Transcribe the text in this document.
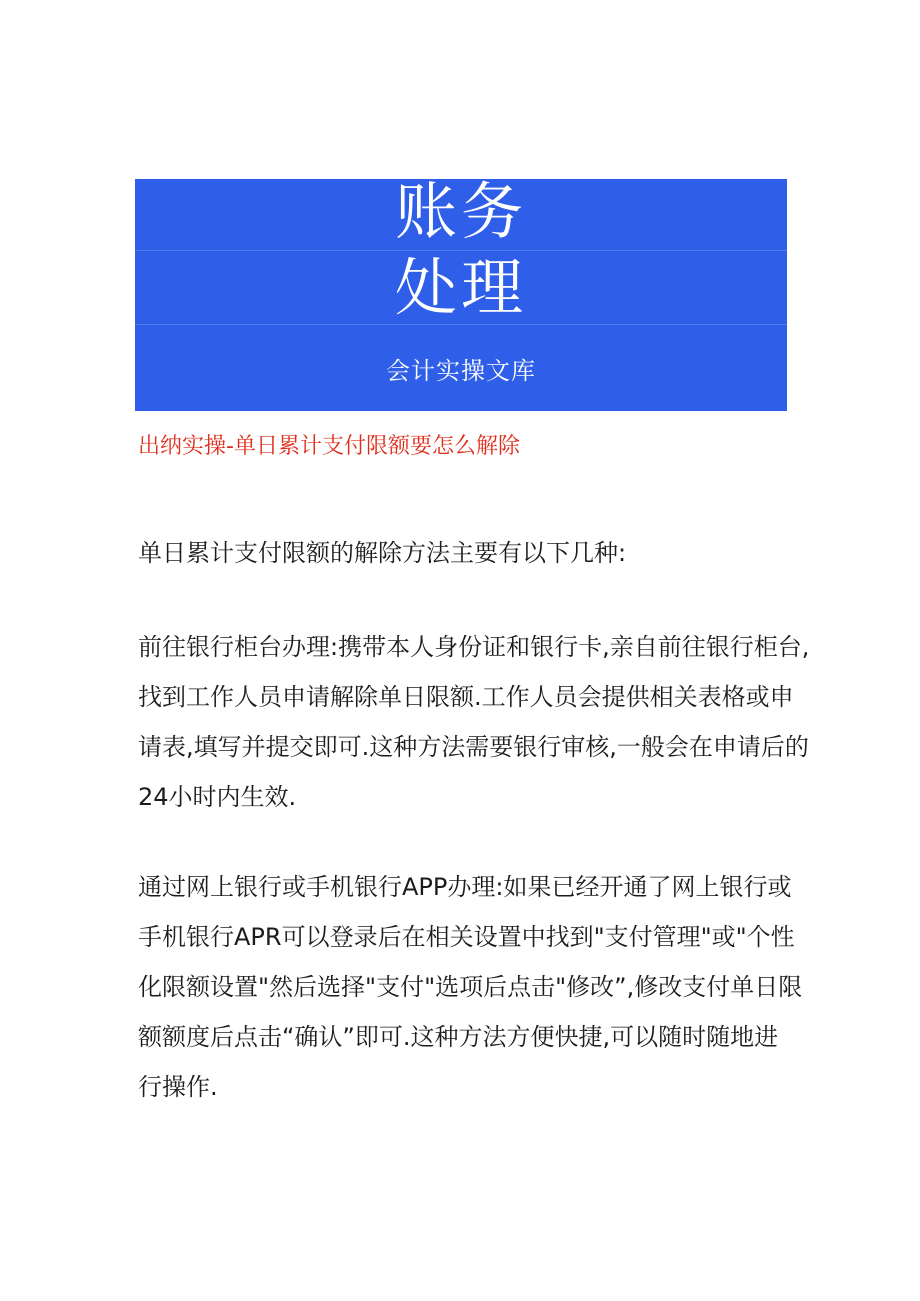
账务
处理
会计实操文库
出纳实操-单日累计支付限额要怎么解除

单日累计支付限额的解除方法主要有以下几种:

前往银行柜台办理:携带本人身份证和银行卡,亲自前往银行柜台,
找到工作人员申请解除单日限额.工作人员会提供相关表格或申
请表,填写并提交即可.这种方法需要银行审核,一般会在申请后的
24小时内生效.

通过网上银行或手机银行APP办理:如果已经开通了网上银行或
手机银行APR可以登录后在相关设置中找到"支付管理"或"个性
化限额设置"然后选择"支付"选项后点击"修改”,修改支付单日限
额额度后点击“确认”即可.这种方法方便快捷,可以随时随地进
行操作.
